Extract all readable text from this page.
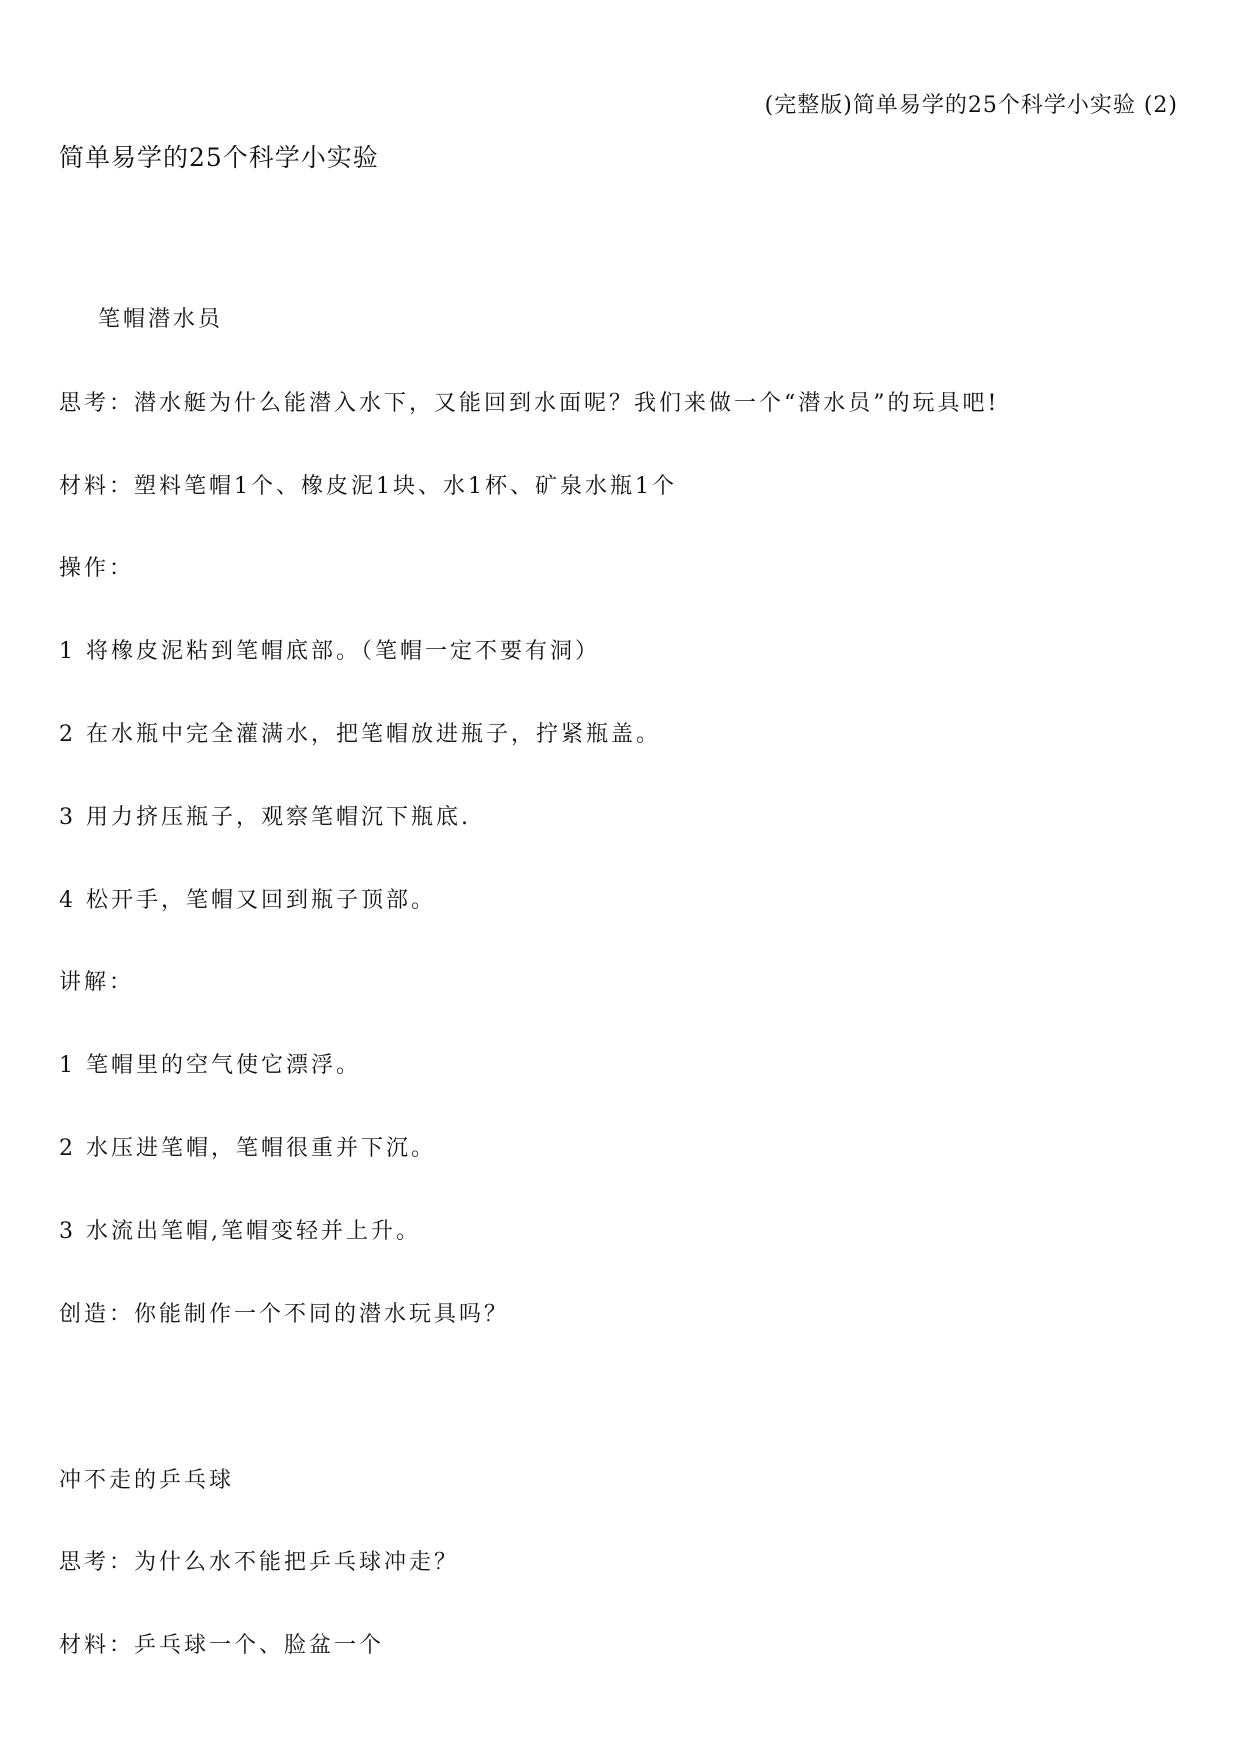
(完整版)简单易学的25个科学小实验 (2)
简单易学的25个科学小实验
笔帽潜水员
思考：潜水艇为什么能潜入水下，又能回到水面呢？我们来做一个“潜水员”的玩具吧!
材料：塑料笔帽1个、橡皮泥1块、水1杯、矿泉水瓶1个
操作：
1 将橡皮泥粘到笔帽底部。（笔帽一定不要有洞）
2 在水瓶中完全灌满水，把笔帽放进瓶子，拧紧瓶盖。
3 用力挤压瓶子，观察笔帽沉下瓶底.
4 松开手，笔帽又回到瓶子顶部。
讲解：
1 笔帽里的空气使它漂浮。
2 水压进笔帽，笔帽很重并下沉。
3 水流出笔帽,笔帽变轻并上升。
创造：你能制作一个不同的潜水玩具吗？
冲不走的乒乓球
思考：为什么水不能把乒乓球冲走？
材料：乒乓球一个、脸盆一个
